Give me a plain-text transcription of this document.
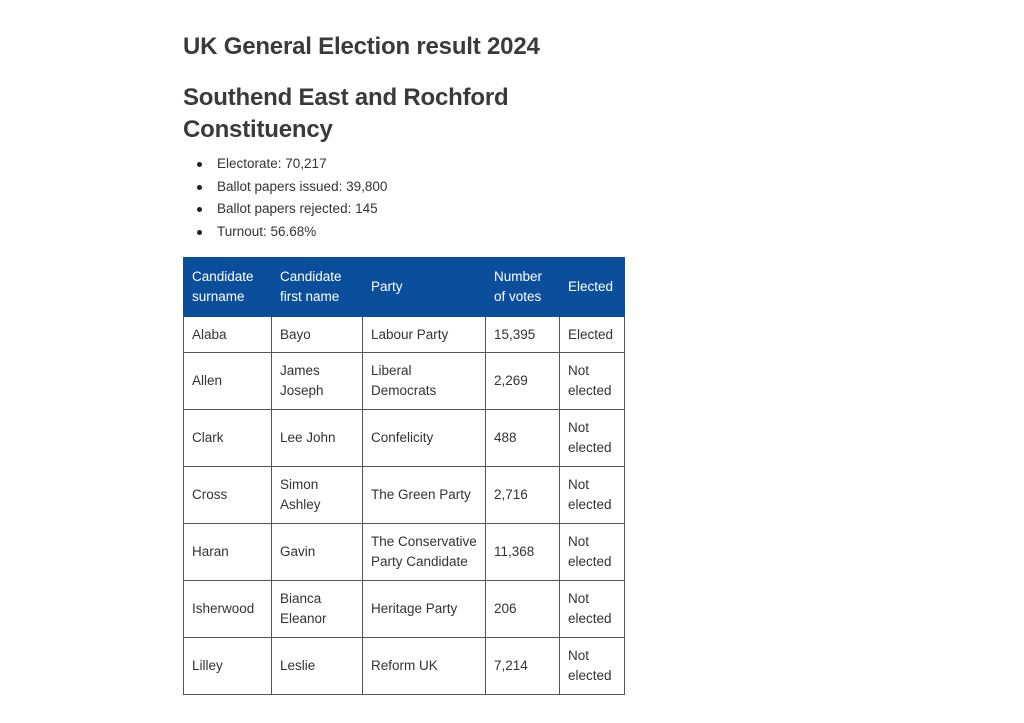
UK General Election result 2024
Southend East and Rochford Constituency
Electorate: 70,217
Ballot papers issued: 39,800
Ballot papers rejected: 145
Turnout: 56.68%
Candidate surname	Candidate first name	Party	Number of votes	Elected
Alaba	Bayo	Labour Party	15,395	Elected
Allen	James Joseph	Liberal Democrats	2,269	Not elected
Clark	Lee John	Confelicity	488	Not elected
Cross	Simon Ashley	The Green Party	2,716	Not elected
Haran	Gavin	The Conservative Party Candidate	11,368	Not elected
Isherwood	Bianca Eleanor	Heritage Party	206	Not elected
Lilley	Leslie	Reform UK	7,214	Not elected
